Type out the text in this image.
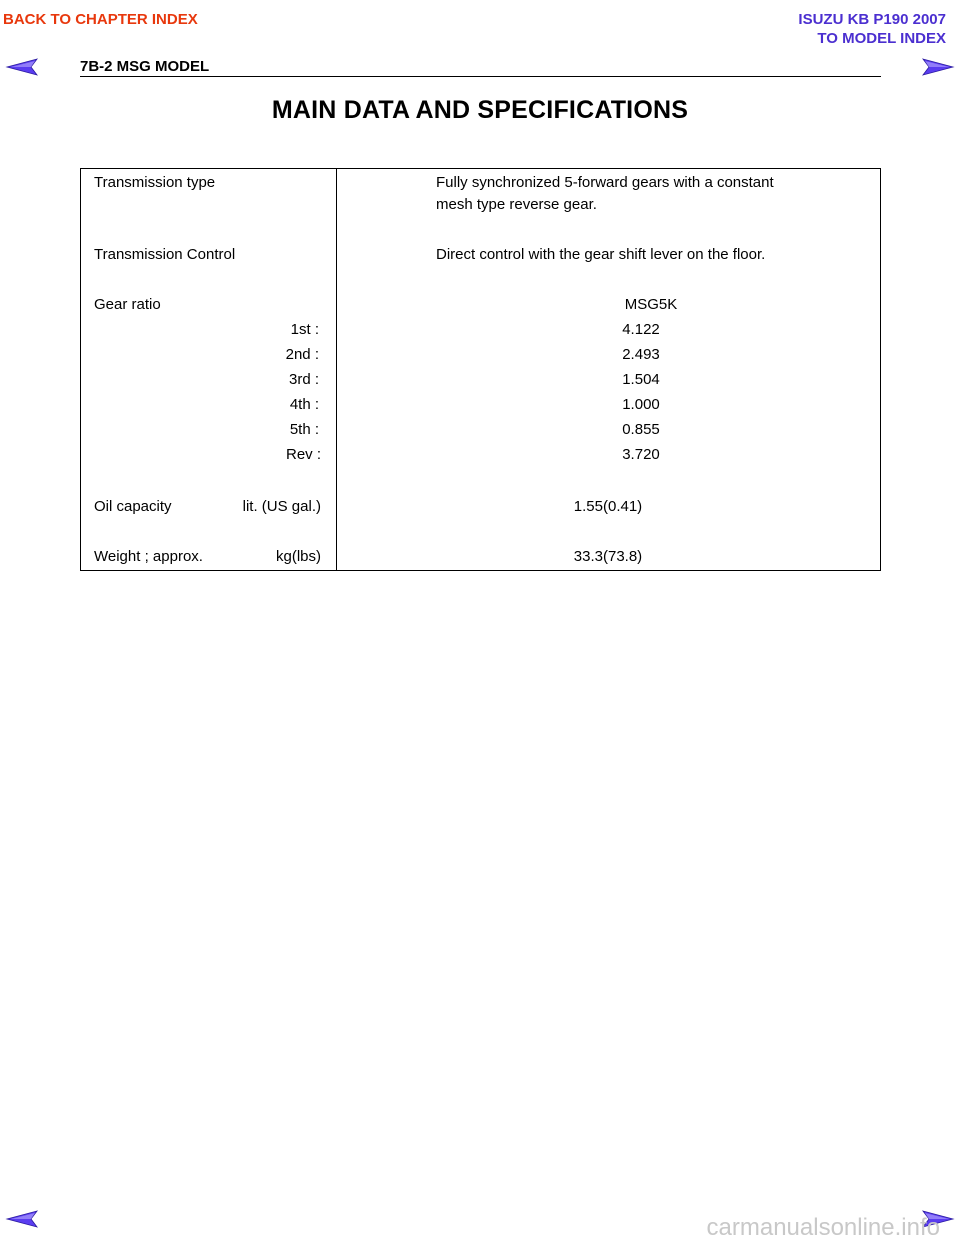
BACK TO CHAPTER INDEX	ISUZU KB P190 2007
TO MODEL INDEX
7B-2 MSG MODEL
MAIN DATA AND SPECIFICATIONS
Transmission type	Fully synchronized 5-forward gears with a constant
mesh type reverse gear.
Transmission Control	Direct control with the gear shift lever on the floor.
Gear ratio	MSG5K
1st :	4.122
2nd :	2.493
3rd :	1.504
4th :	1.000
5th :	0.855
Rev :	3.720
Oil capacity	lit. (US gal.)	1.55(0.41)
Weight ; approx.	kg(lbs)	33.3(73.8)
carmanualsonline.info
